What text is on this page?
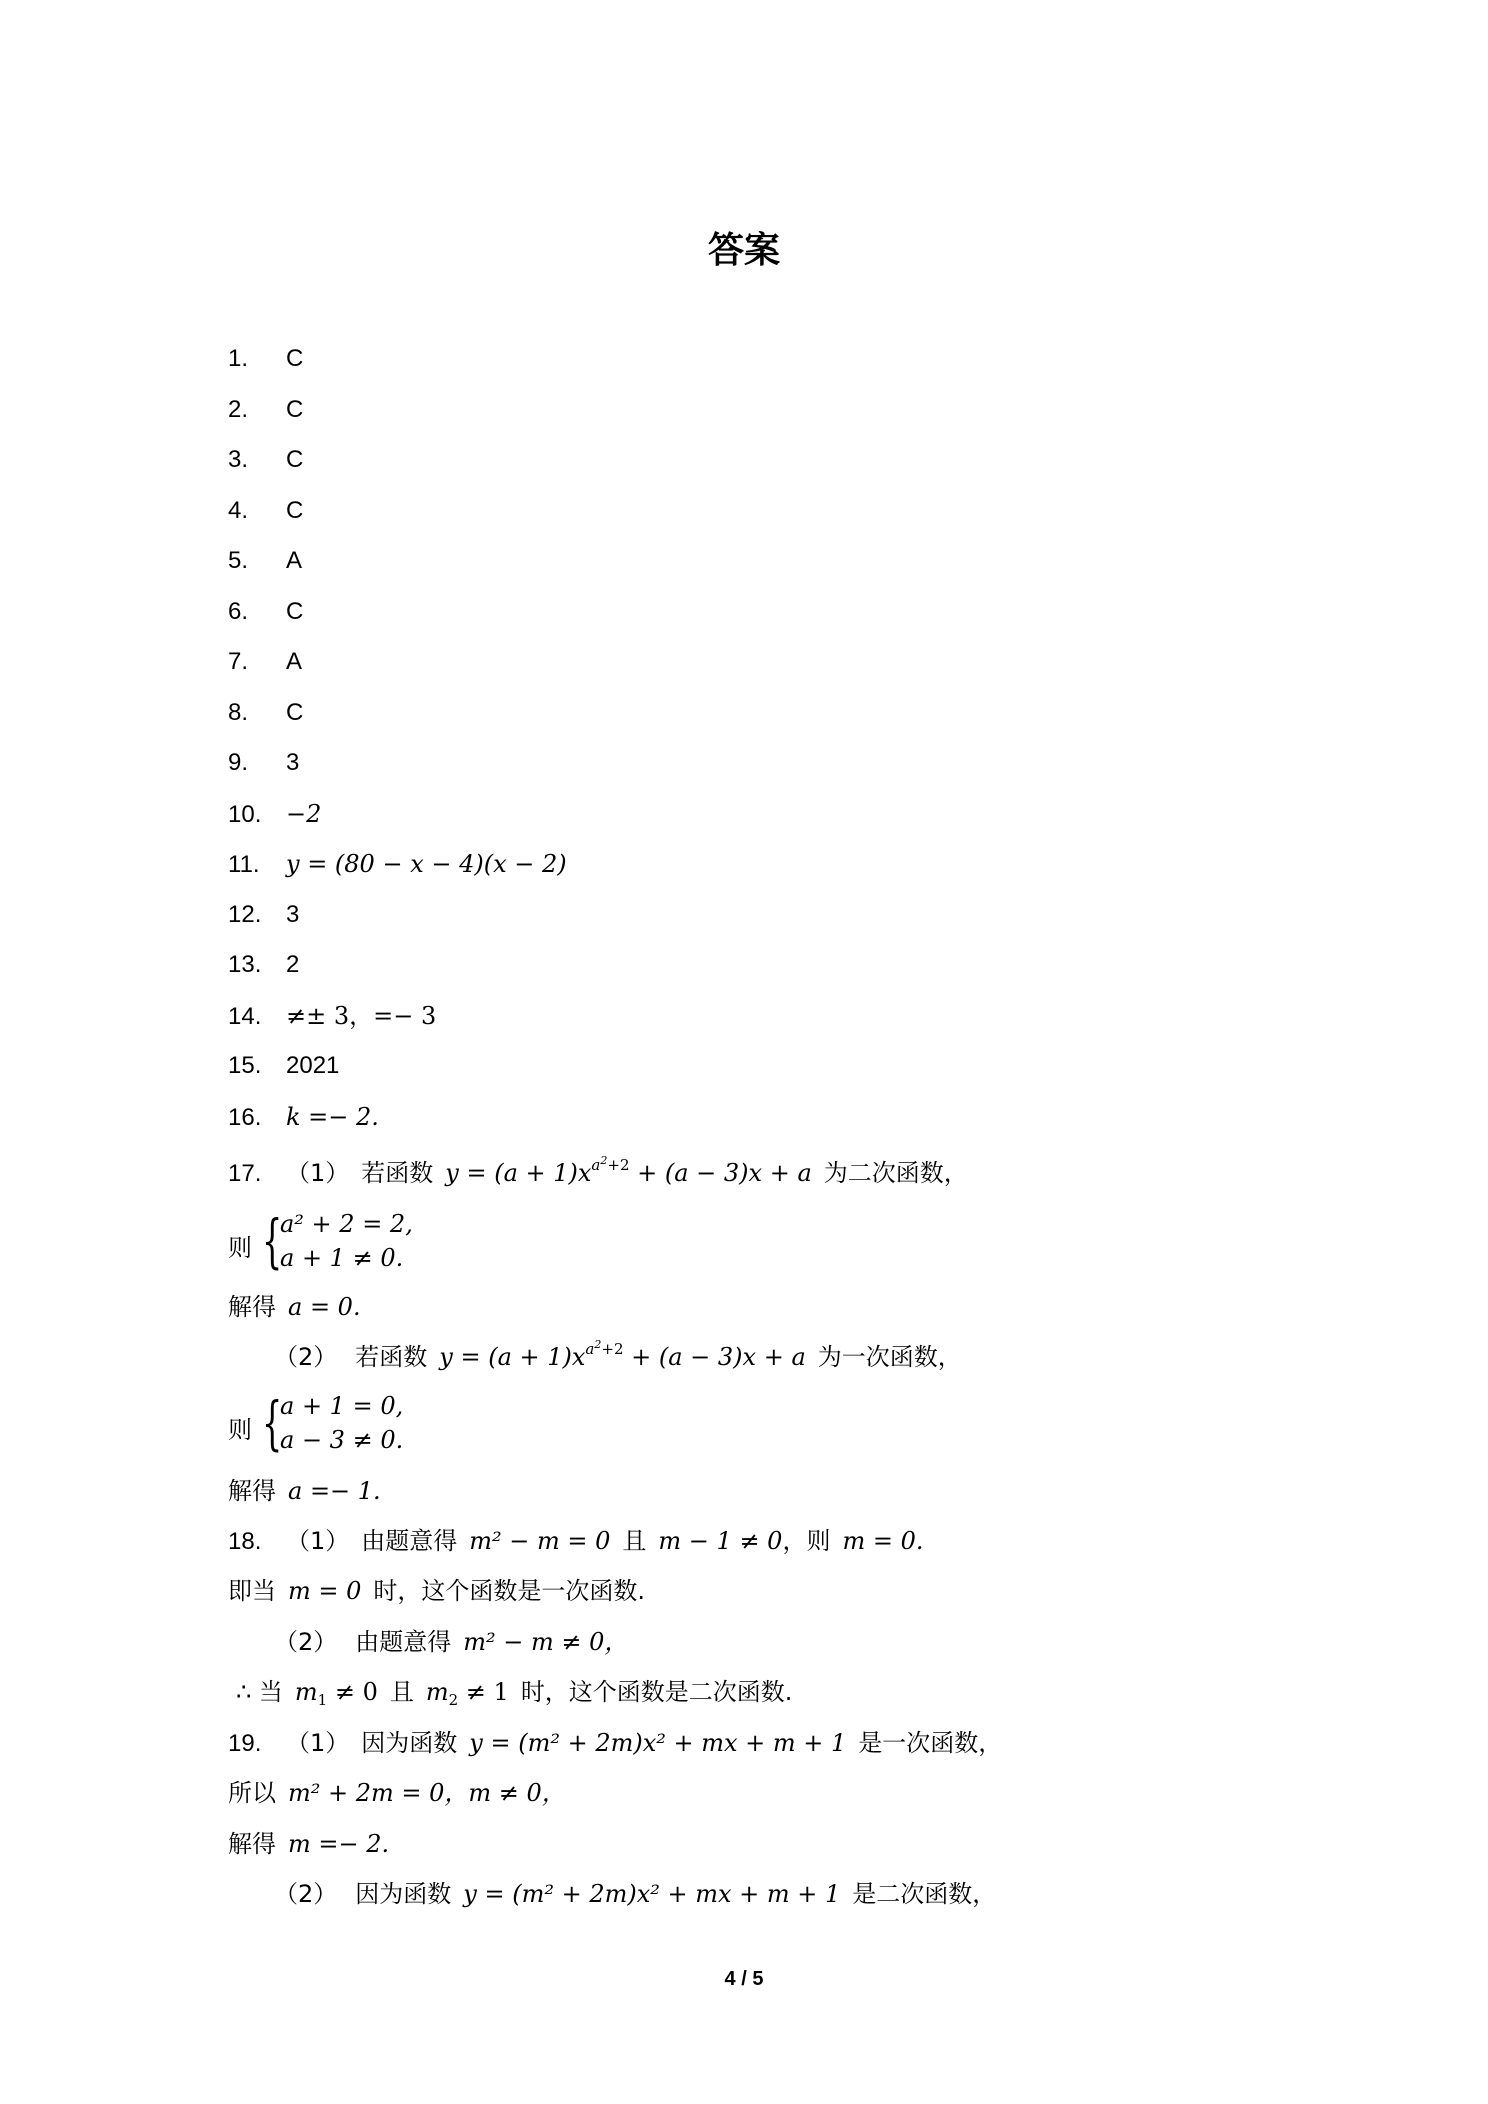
答案
1. C
2. C
3. C
4. C
5. A
6. C
7. A
8. C
9. 3
10. −2
11. y = (80 − x − 4)(x − 2)
12. 3
13. 2
14. ≠± 3，=− 3
15. 2021
16. k =− 2.
17. （1） 若函数 $y = (a + 1)x^{a^2+2} + (a - 3)x + a$ 为二次函数，
则 {
a² + 2 = 2,
a + 1 ≠ 0.
解得 a = 0.
（2） 若函数 $y = (a + 1)x^{a^2+2} + (a - 3)x + a$ 为一次函数，
则 {
a + 1 = 0,
a − 3 ≠ 0.
解得 a =− 1.
18. （1） 由题意得 m² − m = 0 且 m − 1 ≠ 0，则 m = 0.
即当 m = 0 时，这个函数是一次函数.
（2） 由题意得 m² − m ≠ 0，
∴ 当 $m_1 \ne 0$ 且 $m_2 \ne 1$ 时，这个函数是二次函数.
19. （1） 因为函数 y = (m² + 2m)x² + mx + m + 1 是一次函数，
所以 m² + 2m = 0，m ≠ 0，
解得 m =− 2.
（2） 因为函数 y = (m² + 2m)x² + mx + m + 1 是二次函数，
4 / 5
